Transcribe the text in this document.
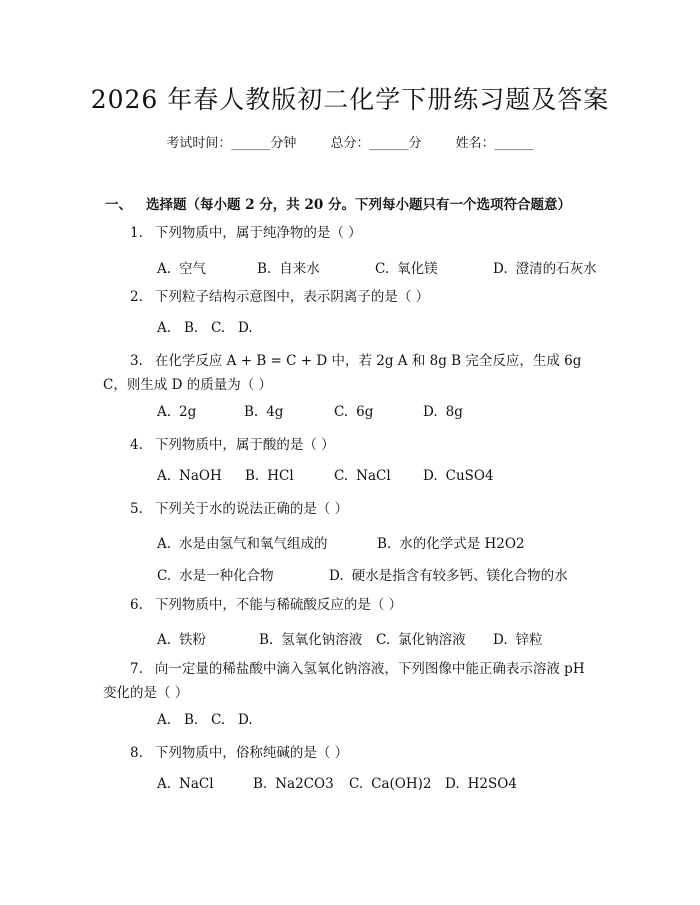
2026 年春人教版初二化学下册练习题及答案
考试时间：______分钟	总分：______分	姓名：______
一、 选择题（每小题 2 分，共 20 分。下列每小题只有一个选项符合题意）
1. 下列物质中，属于纯净物的是（ ）
A. 空气	B. 自来水	C. 氧化镁	D. 澄清的石灰水
2. 下列粒子结构示意图中，表示阴离子的是（ ）
A. B. C. D.
3. 在化学反应 A + B = C + D 中，若 2g A 和 8g B 完全反应，生成 6g
C，则生成 D 的质量为（ ）
A. 2g	B. 4g	C. 6g	D. 8g
4. 下列物质中，属于酸的是（ ）
A. NaOH B. HCl	C. NaCl D. CuSO4
5. 下列关于水的说法正确的是（ ）
A. 水是由氢气和氧气组成的	B. 水的化学式是 H2O2
C. 水是一种化合物	D. 硬水是指含有较多钙、镁化合物的水
6. 下列物质中，不能与稀硫酸反应的是（ ）
A. 铁粉	B. 氢氧化钠溶液 C. 氯化钠溶液 D. 锌粒
7. 向一定量的稀盐酸中滴入氢氧化钠溶液，下列图像中能正确表示溶液 pH
变化的是（ ）
A. B. C. D.
8. 下列物质中，俗称纯碱的是（ ）
A. NaCl	B. Na2CO3 C. Ca(OH)2 D. H2SO4
